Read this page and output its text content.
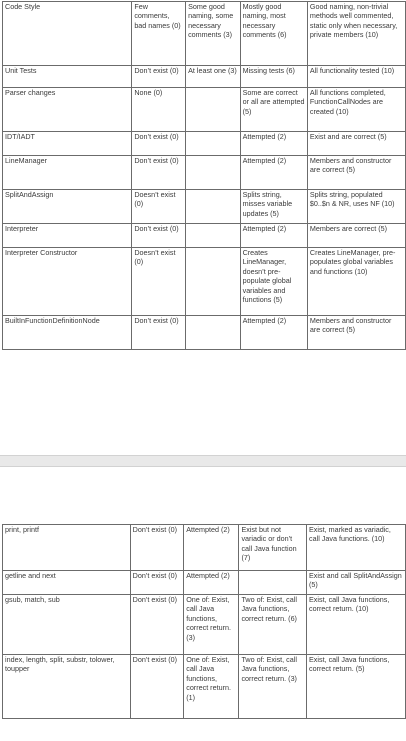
Code Style	Few comments, bad names (0)	Some good naming, some necessary comments (3)	Mostly good naming, most necessary comments (6)	Good naming, non-trivial methods well commented, static only when necessary, private members (10)
Unit Tests	Don’t exist (0)	At least one (3)	Missing tests (6)	All functionality tested (10)
Parser changes	None (0)		Some are correct or all are attempted (5)	All functions completed, FunctionCallNodes are created (10)
IDT/IADT	Don’t exist (0)		Attempted (2)	Exist and are correct (5)
LineManager	Don’t exist (0)		Attempted (2)	Members and constructor are correct (5)
SplitAndAssign	Doesn’t exist (0)		Splits string, misses variable updates (5)	Splits string, populated $0..$n & NR, uses NF (10)
Interpreter	Don’t exist (0)		Attempted (2)	Members are correct (5)
Interpreter Constructor	Doesn’t exist (0)		Creates LineManager, doesn’t pre-populate global variables and functions (5)	Creates LineManager, pre-populates global variables and functions (10)
BuiltInFunctionDefinitionNode	Don’t exist (0)		Attempted (2)	Members and constructor are correct (5)
print, printf	Don’t exist (0)	Attempted (2)	Exist but not variadic or don’t call Java function (7)	Exist, marked as variadic, call Java functions. (10)
getline and next	Don’t exist (0)	Attempted (2)		Exist and call SplitAndAssign (5)
gsub, match, sub	Don’t exist (0)	One of: Exist, call Java functions, correct return. (3)	Two of: Exist, call Java functions, correct return. (6)	Exist, call Java functions, correct return. (10)
index, length, split, substr, tolower, toupper	Don’t exist (0)	One of: Exist, call Java functions, correct return. (1)	Two of: Exist, call Java functions, correct return. (3)	Exist, call Java functions, correct return. (5)
